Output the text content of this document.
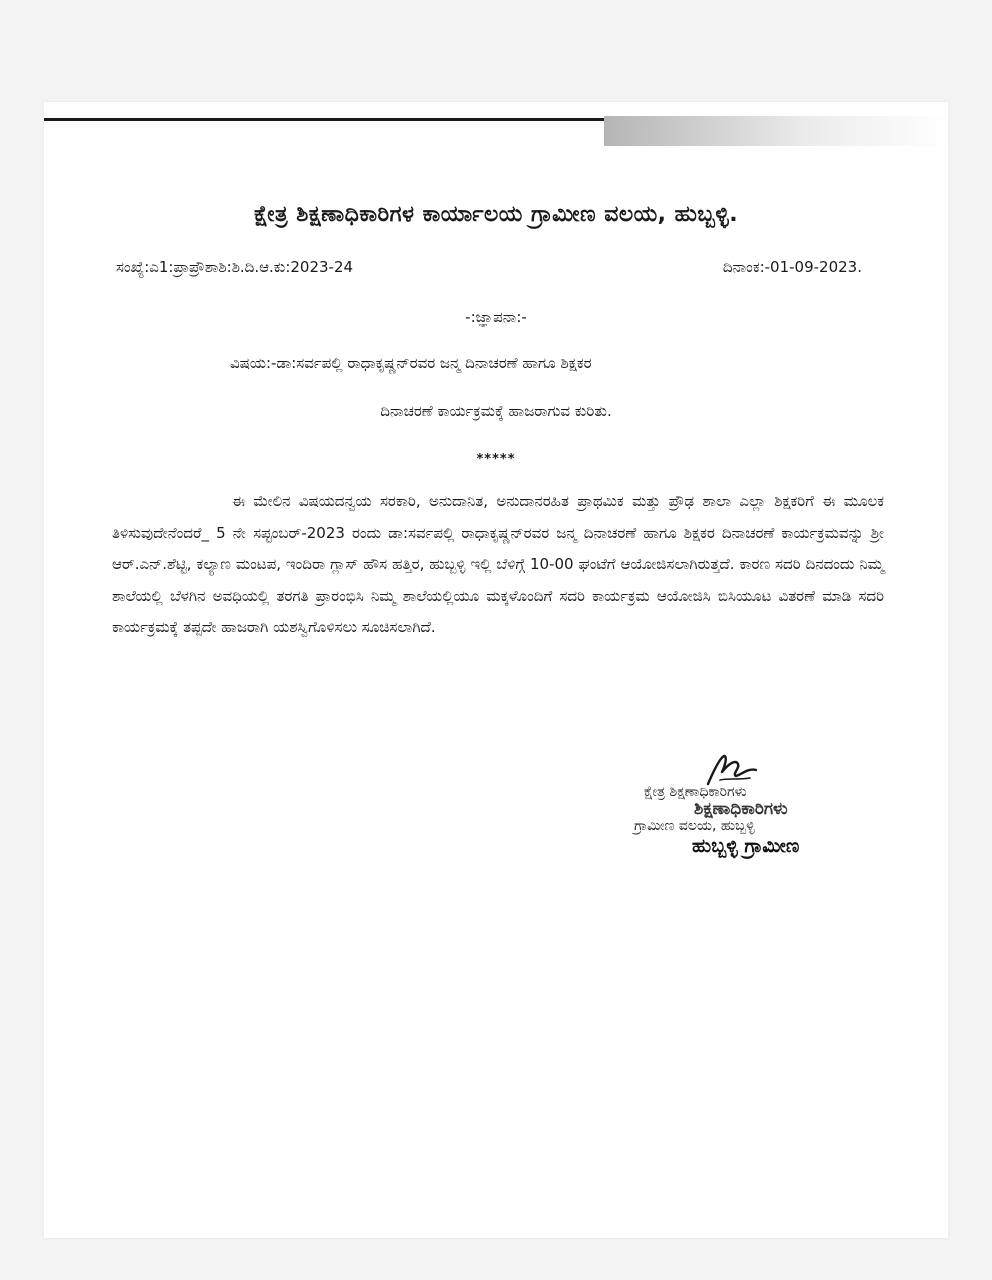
ಕ್ಷೇತ್ರ ಶಿಕ್ಷಣಾಧಿಕಾರಿಗಳ ಕಾರ್ಯಾಲಯ ಗ್ರಾಮೀಣ ವಲಯ, ಹುಬ್ಬಳ್ಳಿ.
ಸಂಖ್ಯೆ:ಎ1:ಪ್ರಾಪ್ರೌಶಾಶಿ:ಶಿ.ದಿ.ಆ.ಕು:2023-24	ದಿನಾಂಕ:-01-09-2023.
-:ಜ್ಞಾಪನಾ:-
ವಿಷಯ:-ಡಾ:ಸರ್ವಪಲ್ಲಿ ರಾಧಾಕೃಷ್ಣನ್‌ರವರ ಜನ್ಮ ದಿನಾಚರಣೆ ಹಾಗೂ ಶಿಕ್ಷಕರ
ದಿನಾಚರಣೆ ಕಾರ್ಯಕ್ರಮಕ್ಕೆ ಹಾಜರಾಗುವ ಕುರಿತು.
*****

ಈ ಮೇಲಿನ ವಿಷಯದನ್ವಯ ಸರಕಾರಿ, ಅನುದಾನಿತ, ಅನುದಾನರಹಿತ ಪ್ರಾಥಮಿಕ ಮತ್ತು ಪ್ರೌಢ ಶಾಲಾ ಎಲ್ಲಾ ಶಿಕ್ಷಕರಿಗೆ ಈ ಮೂಲಕ ತಿಳಿಸುವುದೇನೆಂದರೆ_ 5 ನೇ ಸಪ್ಟಂಬರ್-2023 ರಂದು ಡಾ:ಸರ್ವಪಲ್ಲಿ ರಾಧಾಕೃಷ್ಣನ್‌ರವರ ಜನ್ಮ ದಿನಾಚರಣೆ ಹಾಗೂ ಶಿಕ್ಷಕರ ದಿನಾಚರಣೆ ಕಾರ್ಯಕ್ರಮವನ್ನು ಶ್ರೀ ಆರ್.ಎನ್.ಶೆಟ್ಟಿ, ಕಲ್ಯಾಣ ಮಂಟಪ, ಇಂದಿರಾ ಗ್ಲಾಸ್ ಹೌಸ ಹತ್ತಿರ, ಹುಬ್ಬಳ್ಳಿ ಇಲ್ಲಿ ಬೆಳಿಗ್ಗೆ 10-00 ಘಂಟೆಗೆ ಆಯೋಜಿಸಲಾಗಿರುತ್ತದೆ. ಕಾರಣ ಸದರಿ ದಿನದಂದು ನಿಮ್ಮ ಶಾಲೆಯಲ್ಲಿ ಬೆಳಗಿನ ಅವಧಿಯಲ್ಲಿ ತರಗತಿ ಪ್ರಾರಂಭಿಸಿ ನಿಮ್ಮ ಶಾಲೆಯಲ್ಲಿಯೂ ಮಕ್ಕಳೊಂದಿಗೆ ಸದರಿ ಕಾರ್ಯಕ್ರಮ ಆಯೋಜಿಸಿ ಬಿಸಿಯೂಟ ವಿತರಣೆ ಮಾಡಿ ಸದರಿ ಕಾರ್ಯಕ್ರಮಕ್ಕೆ ತಪ್ಪದೇ ಹಾಜರಾಗಿ ಯಶಸ್ವಿಗೊಳಿಸಲು ಸೂಚಿಸಲಾಗಿದೆ.

ಕ್ಷೇತ್ರ ಶಿಕ್ಷಣಾಧಿಕಾರಿಗಳು
ಗ್ರಾಮೀಣ ವಲಯ, ಹುಬ್ಬಳ್ಳಿ
ಶಿಕ್ಷಣಾಧಿಕಾರಿಗಳು
ಹುಬ್ಬಳ್ಳಿ ಗ್ರಾಮೀಣ
